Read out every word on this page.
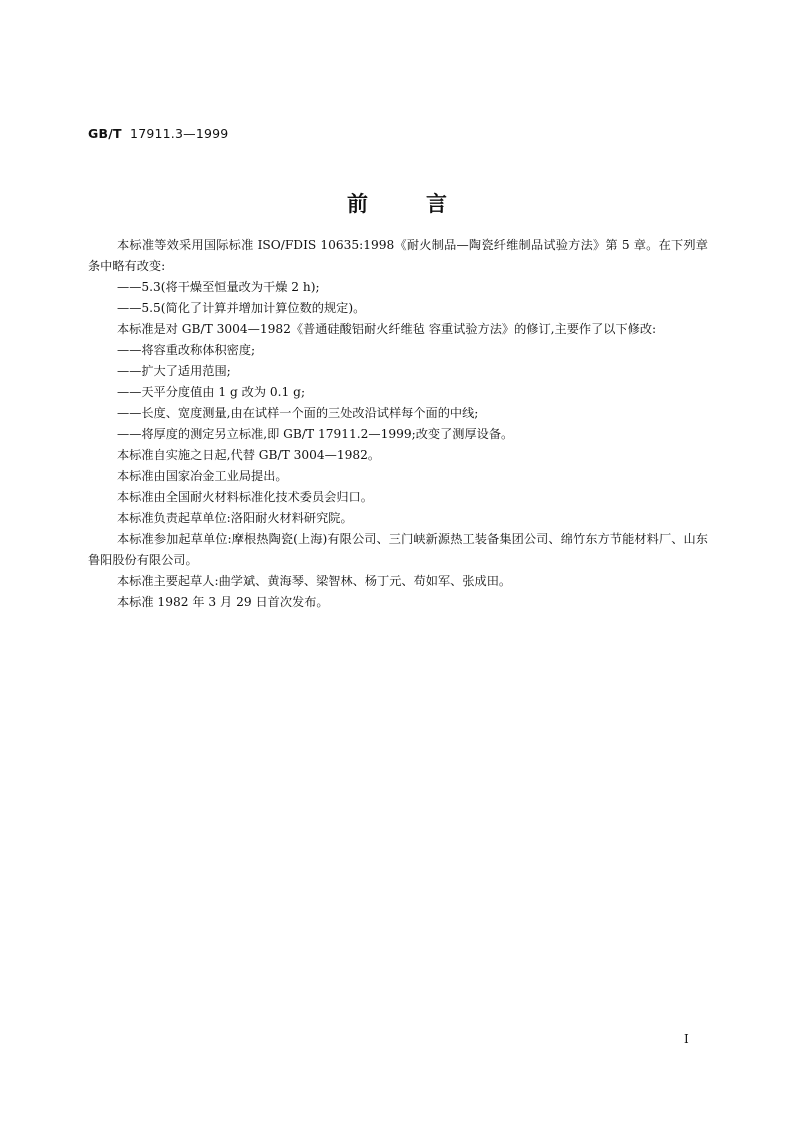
GB/T 17911.3—1999
前言

本标准等效采用国际标准 ISO/FDIS 10635:1998《耐火制品—陶瓷纤维制品试验方法》第 5 章。在下列章条中略有改变:

——5.3(将干燥至恒量改为干燥 2 h);

——5.5(简化了计算并增加计算位数的规定)。

本标准是对 GB/T 3004—1982《普通硅酸铝耐火纤维毡 容重试验方法》的修订,主要作了以下修改:

——将容重改称体积密度;

——扩大了适用范围;

——天平分度值由 1 g 改为 0.1 g;

——长度、宽度测量,由在试样一个面的三处改沿试样每个面的中线;

——将厚度的测定另立标准,即 GB/T 17911.2—1999;改变了测厚设备。

本标准自实施之日起,代替 GB/T 3004—1982。

本标准由国家冶金工业局提出。

本标准由全国耐火材料标准化技术委员会归口。

本标准负责起草单位:洛阳耐火材料研究院。

本标准参加起草单位:摩根热陶瓷(上海)有限公司、三门峡新源热工装备集团公司、绵竹东方节能材料厂、山东鲁阳股份有限公司。

本标准主要起草人:曲学斌、黄海琴、梁智林、杨丁元、苟如军、张成田。

本标准 1982 年 3 月 29 日首次发布。

I
